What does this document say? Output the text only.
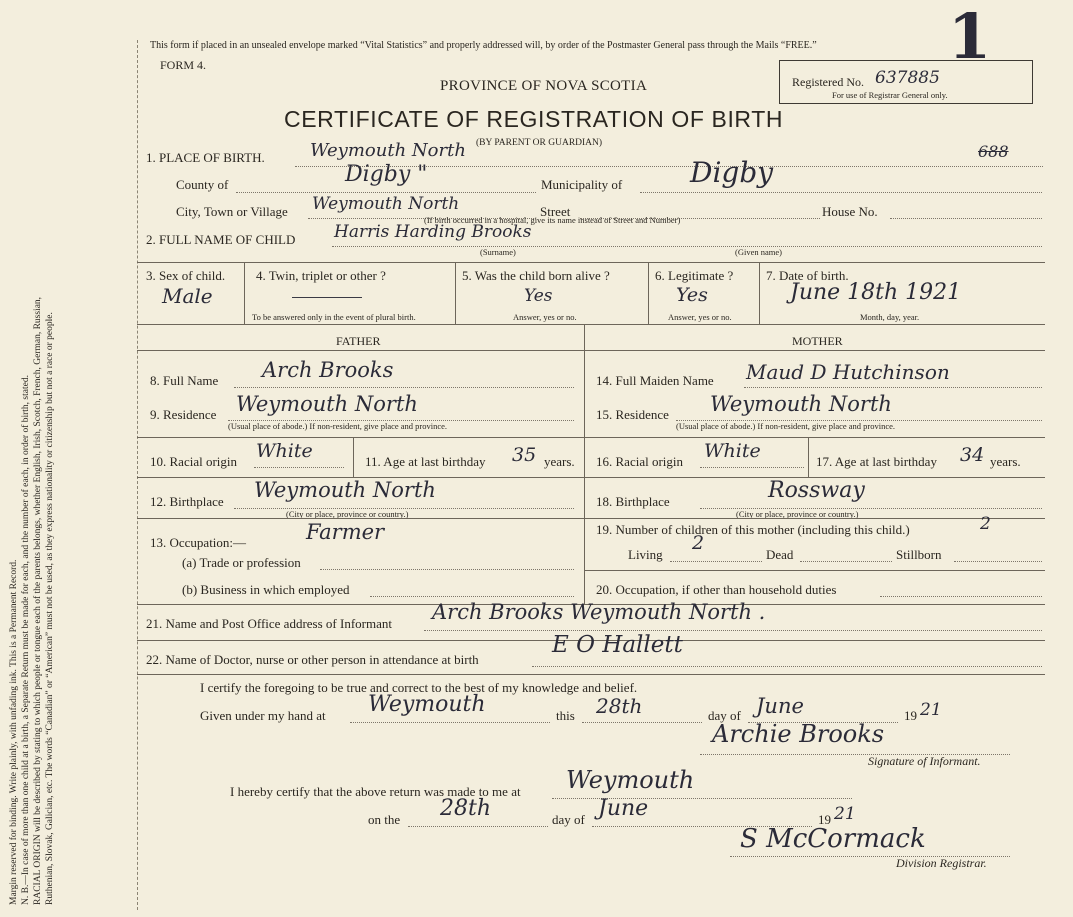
Margin reserved for binding. Write plainly, with unfading ink. This is a Permanent Record. N. B.—In case of more than one child at a birth, a Separate Return must be made for each, and the number of each, in order of birth, stated. RACIAL ORIGIN will be described by stating to which people or tongue each of the parents belongs, whether English, Irish, Scotch, French, German, Russian, Ruthenian, Slovak, Galician, etc. The words “Canadian” or “American” must not be used, as they express nationality or citizenship but not a race or people.
This form if placed in an unsealed envelope marked “Vital Statistics” and properly addressed will, by order of the Postmaster General pass through the Mails “FREE.”
FORM 4.
PROVINCE OF NOVA SCOTIA
CERTIFICATE OF REGISTRATION OF BIRTH
(BY PARENT OR GUARDIAN)
Registered No. 637885
For use of Registrar General only.
1
1. PLACE OF BIRTH.	Weymouth North	688
County of	Digby "	Municipality of Digby
City, Town or Village Weymouth North	Street	House No.
(If birth occurred in a hospital, give its name instead of Street and Number)
2. FULL NAME OF CHILD Harris Harding Brooks
(Surname)	(Given name)
3. Sex of child.
Male
4. Twin, triplet or other ?
To be answered only in the event of plural birth.
5. Was the child born alive ?
Yes
Answer, yes or no.
6. Legitimate ?
Yes
Answer, yes or no.
7. Date of birth.
June 18th 1921
Month, day, year.
FATHER	MOTHER
8. Full Name Arch Brooks
9. Residence Weymouth North
(Usual place of abode.) If non-resident, give place and province.
10. Racial origin White	11. Age at last birthday 35 years.
12. Birthplace Weymouth North
(City or place, province or country.)
13. Occupation:—	Farmer
(a) Trade or profession
(b) Business in which employed
14. Full Maiden Name Maud D Hutchinson
15. Residence Weymouth North
(Usual place of abode.) If non-resident, give place and province.
16. Racial origin White	17. Age at last birthday 34 years.
18. Birthplace	Rossway
(City or place, province or country.)
19. Number of children of this mother (including this child.)	2
Living
2
Dead	Stillborn
20. Occupation, if other than household duties
21. Name and Post Office address of Informant Arch Brooks Weymouth North .
22. Name of Doctor, nurse or other person in attendance at birth
E O Hallett
I certify the foregoing to be true and correct to the best of my knowledge and belief.
Given under my hand at Weymouth	this 28th	day of June	19 21
Archie Brooks
Signature of Informant.
I hereby certify that the above return was made to me at Weymouth
on the 28th	day of June	19 21
S McCormack
Division Registrar.
